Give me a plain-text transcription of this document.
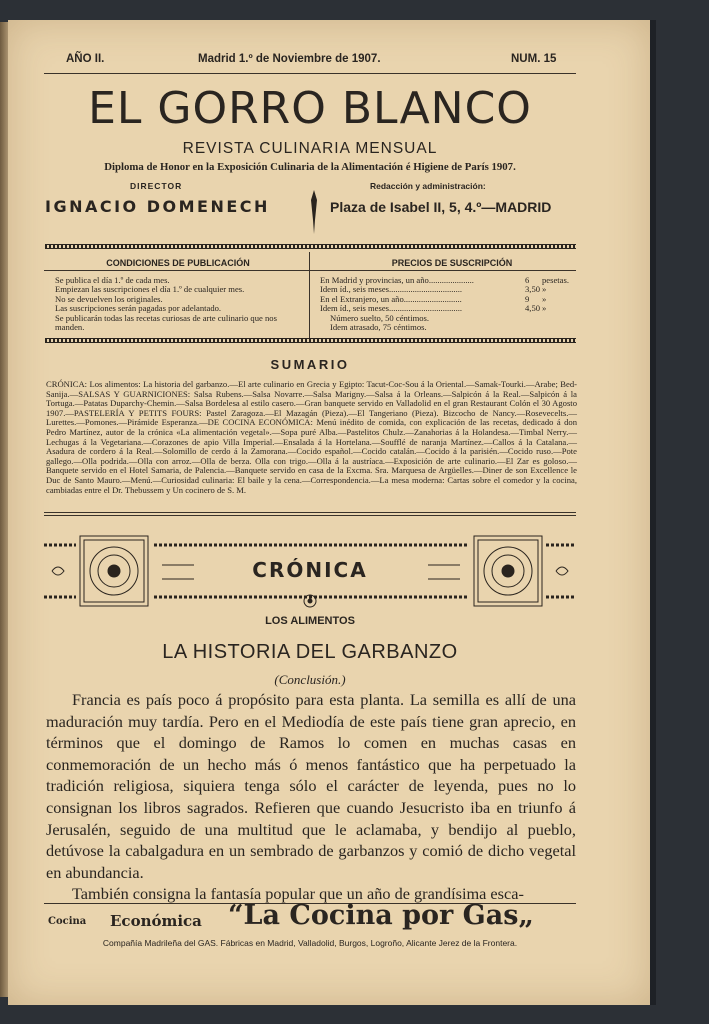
AÑO II.	Madrid 1.º de Noviembre de 1907.	NUM. 15
EL GORRO BLANCO
REVISTA CULINARIA MENSUAL
Diploma de Honor en la Exposición Culinaria de la Alimentación é Higiene de París 1907.
DIRECTOR
IGNACIO DOMENECH
Redacción y administración:
Plaza de Isabel II, 5, 4.º—MADRID
CONDICIONES DE PUBLICACIÓN	PRECIOS DE SUSCRIPCIÓN
Se publica el día 1.º de cada mes.
Empiezan las suscripciones el día 1.º de cualquier mes.
No se devuelven los originales.
Las suscripciones serán pagadas por adelantado.
Se publicarán todas las recetas curiosas de arte culinario que nos manden.
En Madrid y provincias, un año.....................	6 pesetas.
Idem íd., seis meses..................................	3,50 »
En el Extranjero, un año...........................	9 »
Idem íd., seis meses..................................	4,50 »
Número suelto, 50 céntimos.
Idem atrasado, 75 céntimos.
SUMARIO
CRÓNICA: Los alimentos: La historia del garbanzo.—El arte culinario en Grecia y Egipto: Tacut-Coc-Sou á la Oriental.—Samak-Tourki.—Arabe; Bed-Sanija.—SALSAS Y GUARNICIONES: Salsa Rubens.—Salsa Novarre.—Salsa Marigny.—Salsa á la Orleans.—Salpicón á la Real.—Salpicón á la Tortuga.—Patatas Duparchy-Chemin.—Salsa Bordelesa al estilo casero.—Gran banquete servido en Valladolid en el gran Restaurant Colón el 30 Agosto 1907.—PASTELERÍA Y PETITS FOURS: Pastel Zaragoza.—El Mazagán (Pieza).—El Tangeriano (Pieza). Bizcocho de Nancy.—Rosevecelts.—Lurettes.—Pomones.—Pirámide Esperanza.—DE COCINA ECONÓMICA: Menú inédito de comida, con explicación de las recetas, dedicado á don Pedro Martínez, autor de la crónica «La alimentación vegetal».—Sopa puré Alba.—Pastelitos Chulz.—Zanahorias á la Holandesa.—Timbal Nerry.—Lechugas á la Vegetariana.—Corazones de apio Villa Imperial.—Ensalada á la Hortelana.—Soufflé de naranja Martínez.—Callos á la Catalana.—Asadura de cordero á la Real.—Solomillo de cerdo á la Zamorana.—Cocido español.—Cocido catalán.—Cocido á la parisién.—Cocido ruso.—Pote gallego.—Olla podrida.—Olla con arroz.—Olla de berza. Olla con trigo.—Olla á la austríaca.—Exposición de arte culinario.—El Zar es goloso.—Banquete servido en el Hotel Samaria, de Palencia.—Banquete servido en casa de la Excma. Sra. Marquesa de Argüelles.—Diner de son Excellence le Duc de Santo Mauro.—Menú.—Curiosidad culinaria: El baile y la cena.—Correspondencia.—La mesa moderna: Cartas sobre el comedor y la cocina, cambiadas entre el Dr. Thebussem y Un cocinero de S. M.
CRÓNICA
LOS ALIMENTOS
LA HISTORIA DEL GARBANZO
(Conclusión.)

Francia es país poco á propósito para esta planta. La semilla es allí de una maduración muy tardía. Pero en el Mediodía de este país tiene gran aprecio, en términos que el domingo de Ramos lo comen en muchas casas en conmemoración de un hecho más ó menos fantástico que ha perpetuado la tradición religiosa, siquiera tenga sólo el carácter de leyenda, pues no lo consignan los libros sagrados. Refieren que cuando Jesucristo iba en triunfo á Jerusalén, seguido de una multitud que le aclamaba, y bendijo al pueblo, detúvose la cabalgadura en un sembrado de garbanzos y comió de dicho vegetal en abundancia.

También consigna la fantasía popular que un año de grandísima esca-

Cocina Económica “La Cocina por Gas„
Compañía Madrileña del GAS. Fábricas en Madrid, Valladolid, Burgos, Logroño, Alicante Jerez de la Frontera.
